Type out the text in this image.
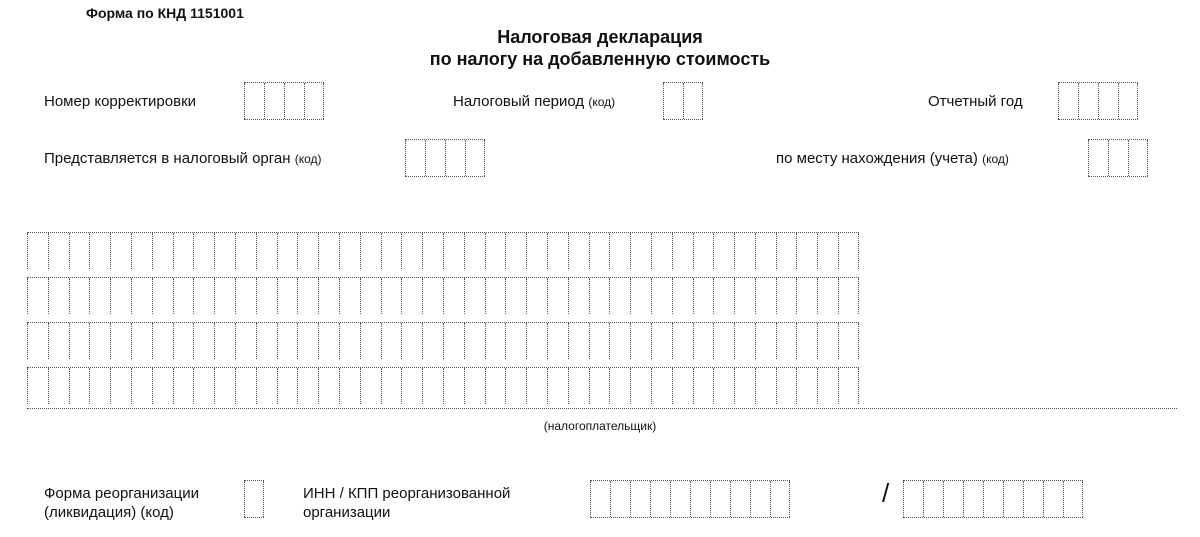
Форма по КНД 1151001
Налоговая декларация
по налогу на добавленную стоимость
Номер корректировки	Налоговый период (код)	Отчетный год
Представляется в налоговый орган (код)	по месту нахождения (учета) (код)
(налогоплательщик)
Форма реорганизации
(ликвидация) (код)
ИНН / КПП реорганизованной
организации
/
